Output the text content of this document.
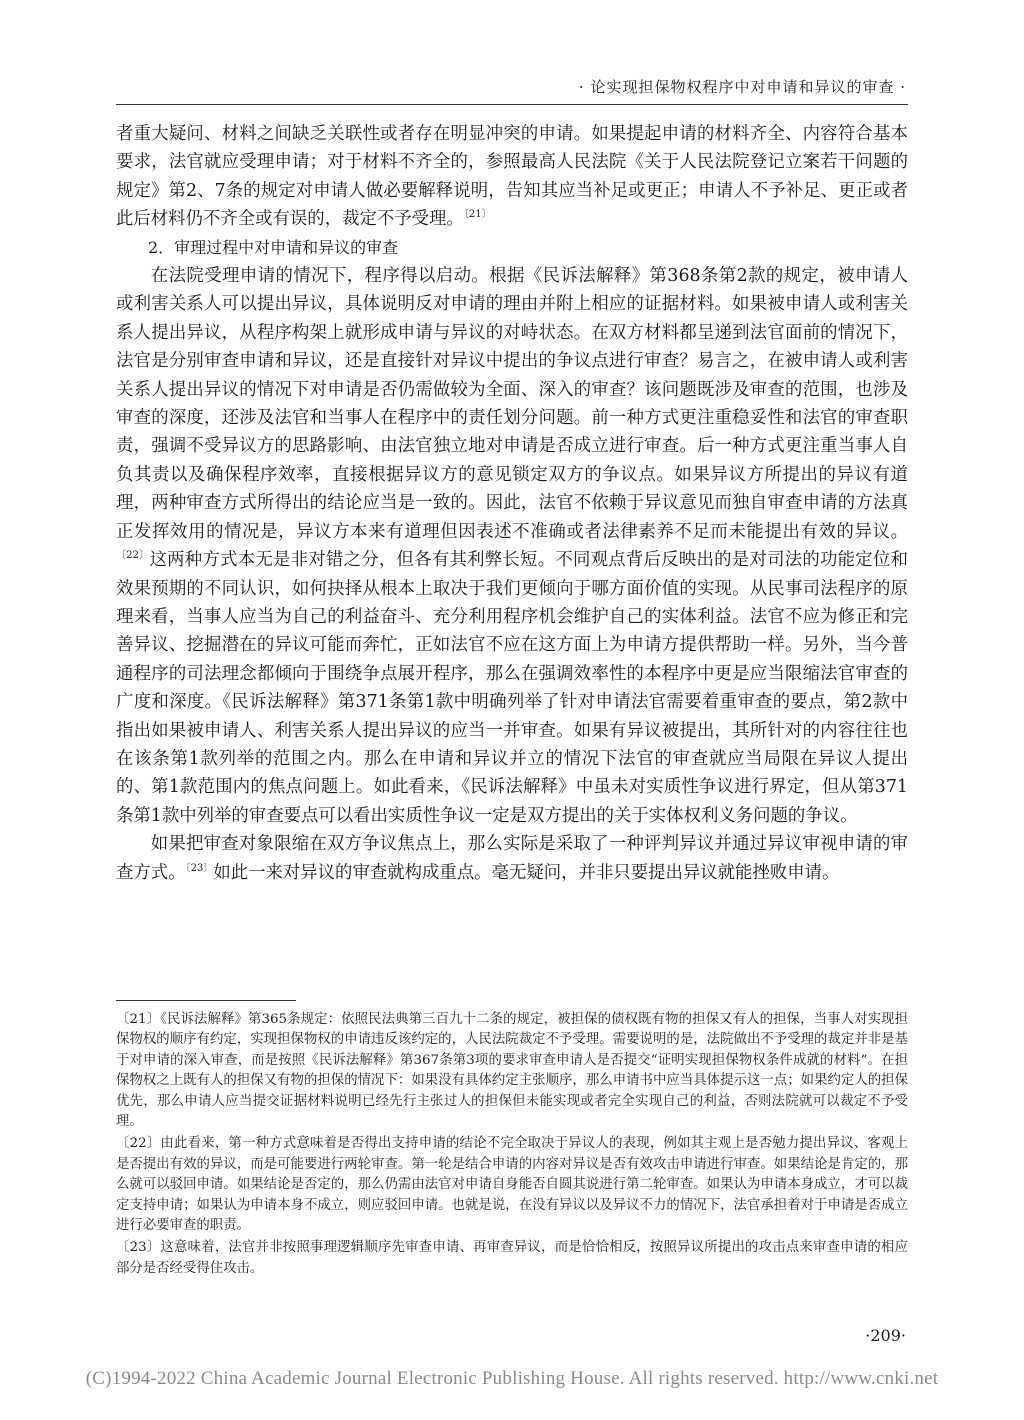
· 论实现担保物权程序中对申请和异议的审查 ·

者重大疑问、材料之间缺乏关联性或者存在明显冲突的申请。如果提起申请的材料齐全、内容符合基本要求，法官就应受理申请；对于材料不齐全的，参照最高人民法院《关于人民法院登记立案若干问题的规定》第2、7条的规定对申请人做必要解释说明，告知其应当补足或更正；申请人不予补足、更正或者此后材料仍不齐全或有误的，裁定不予受理。$^{〔21〕}$

2．审理过程中对申请和异议的审查

在法院受理申请的情况下，程序得以启动。根据《民诉法解释》第368条第2款的规定，被申请人或利害关系人可以提出异议，具体说明反对申请的理由并附上相应的证据材料。如果被申请人或利害关系人提出异议，从程序构架上就形成申请与异议的对峙状态。在双方材料都呈递到法官面前的情况下，法官是分别审查申请和异议，还是直接针对异议中提出的争议点进行审查？易言之，在被申请人或利害关系人提出异议的情况下对申请是否仍需做较为全面、深入的审查？该问题既涉及审查的范围，也涉及审查的深度，还涉及法官和当事人在程序中的责任划分问题。前一种方式更注重稳妥性和法官的审查职责，强调不受异议方的思路影响、由法官独立地对申请是否成立进行审查。后一种方式更注重当事人自负其责以及确保程序效率，直接根据异议方的意见锁定双方的争议点。如果异议方所提出的异议有道理，两种审查方式所得出的结论应当是一致的。因此，法官不依赖于异议意见而独自审查申请的方法真正发挥效用的情况是，异议方本来有道理但因表述不准确或者法律素养不足而未能提出有效的异议。$^{〔22〕}$这两种方式本无是非对错之分，但各有其利弊长短。不同观点背后反映出的是对司法的功能定位和效果预期的不同认识，如何抉择从根本上取决于我们更倾向于哪方面价值的实现。从民事司法程序的原理来看，当事人应当为自己的利益奋斗、充分利用程序机会维护自己的实体利益。法官不应为修正和完善异议、挖掘潜在的异议可能而奔忙，正如法官不应在这方面上为申请方提供帮助一样。另外，当今普通程序的司法理念都倾向于围绕争点展开程序，那么在强调效率性的本程序中更是应当限缩法官审查的广度和深度。《民诉法解释》第371条第1款中明确列举了针对申请法官需要着重审查的要点，第2款中指出如果被申请人、利害关系人提出异议的应当一并审查。如果有异议被提出，其所针对的内容往往也在该条第1款列举的范围之内。那么在申请和异议并立的情况下法官的审查就应当局限在异议人提出的、第1款范围内的焦点问题上。如此看来，《民诉法解释》中虽未对实质性争议进行界定，但从第371条第1款中列举的审查要点可以看出实质性争议一定是双方提出的关于实体权利义务问题的争议。

如果把审查对象限缩在双方争议焦点上，那么实际是采取了一种评判异议并通过异议审视申请的审查方式。$^{〔23〕}$如此一来对异议的审查就构成重点。毫无疑问，并非只要提出异议就能挫败申请。

〔21〕《民诉法解释》第365条规定：依照民法典第三百九十二条的规定，被担保的债权既有物的担保又有人的担保，当事人对实现担保物权的顺序有约定，实现担保物权的申请违反该约定的，人民法院裁定不予受理。需要说明的是，法院做出不予受理的裁定并非是基于对申请的深入审查，而是按照《民诉法解释》第367条第3项的要求审查申请人是否提交“证明实现担保物权条件成就的材料”。在担保物权之上既有人的担保又有物的担保的情况下：如果没有具体约定主张顺序，那么申请书中应当具体提示这一点；如果约定人的担保优先，那么申请人应当提交证据材料说明已经先行主张过人的担保但未能实现或者完全实现自己的利益，否则法院就可以裁定不予受理。

〔22〕由此看来，第一种方式意味着是否得出支持申请的结论不完全取决于异议人的表现，例如其主观上是否勉力提出异议、客观上是否提出有效的异议，而是可能要进行两轮审查。第一轮是结合申请的内容对异议是否有效攻击申请进行审查。如果结论是肯定的，那么就可以驳回申请。如果结论是否定的，那么仍需由法官对申请自身能否自圆其说进行第二轮审查。如果认为申请本身成立，才可以裁定支持申请；如果认为申请本身不成立，则应驳回申请。也就是说，在没有异议以及异议不力的情况下，法官承担着对于申请是否成立进行必要审查的职责。

〔23〕这意味着，法官并非按照事理逻辑顺序先审查申请、再审查异议，而是恰恰相反，按照异议所提出的攻击点来审查申请的相应部分是否经受得住攻击。

·209·
(C)1994-2022 China Academic Journal Electronic Publishing House. All rights reserved. http://www.cnki.net
